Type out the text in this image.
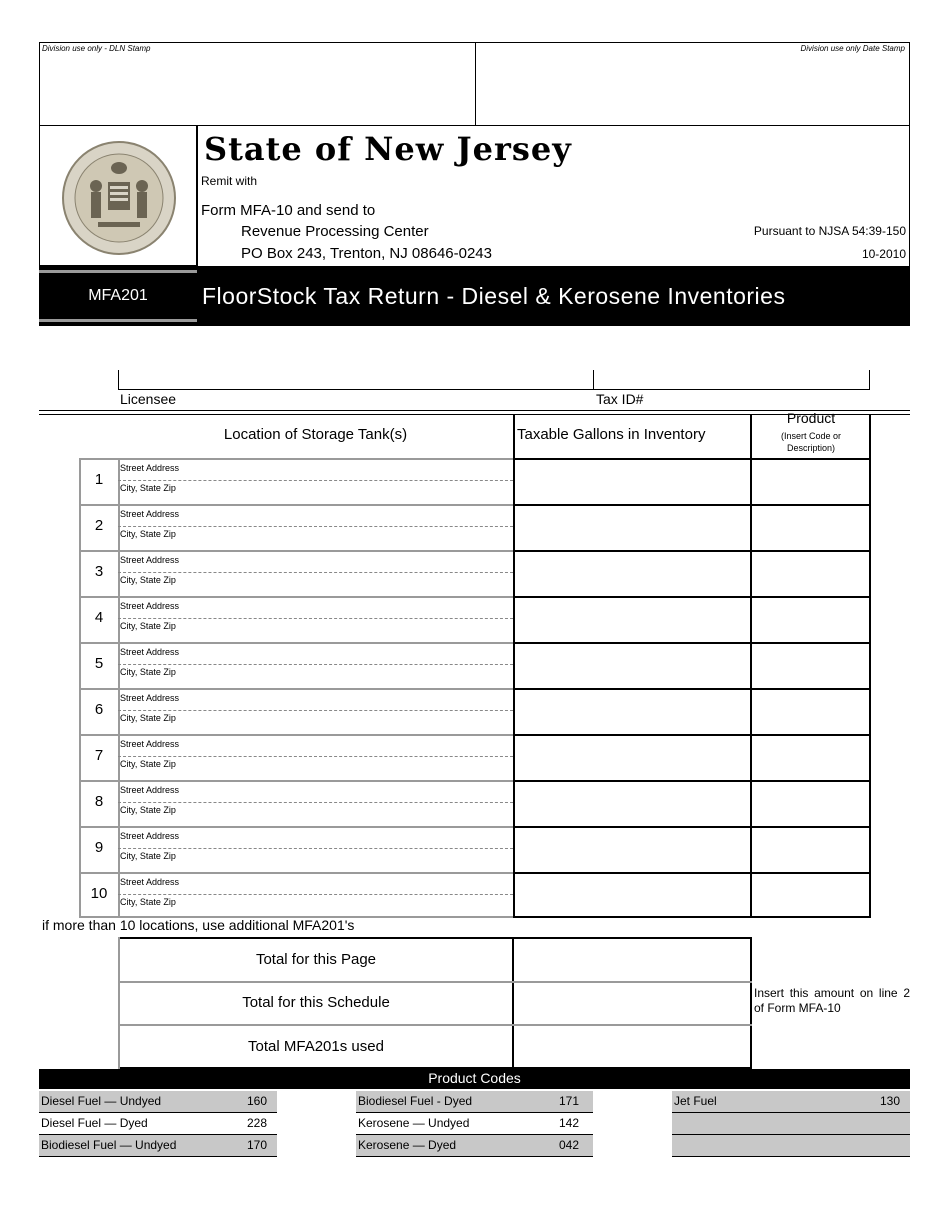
Division use only - DLN Stamp	Division use only Date Stamp
State of New Jersey
Remit with
Form MFA-10 and send to
Revenue Processing Center
PO Box 243, Trenton, NJ 08646-0243
Pursuant to NJSA 54:39-150
10-2010
MFA201	FloorStock Tax Return - Diesel & Kerosene Inventories
Licensee	Tax ID#
Location of Storage Tank(s)	Taxable Gallons in Inventory
Product
(Insert Code or Description)
1
Street Address
City, State Zip
2
Street Address
City, State Zip
3
Street Address
City, State Zip
4
Street Address
City, State Zip
5
Street Address
City, State Zip
6
Street Address
City, State Zip
7
Street Address
City, State Zip
8
Street Address
City, State Zip
9
Street Address
City, State Zip
10
Street Address
City, State Zip
if more than 10 locations, use additional MFA201's
Total for this Page
Total for this Schedule
Total MFA201s used
Insert this amount on line 2 of Form MFA-10
Product Codes
Diesel Fuel — Undyed	160
Diesel Fuel — Dyed	228
Biodiesel Fuel — Undyed	170
Biodiesel Fuel - Dyed	171
Kerosene — Undyed	142
Kerosene — Dyed	042
Jet Fuel	130
